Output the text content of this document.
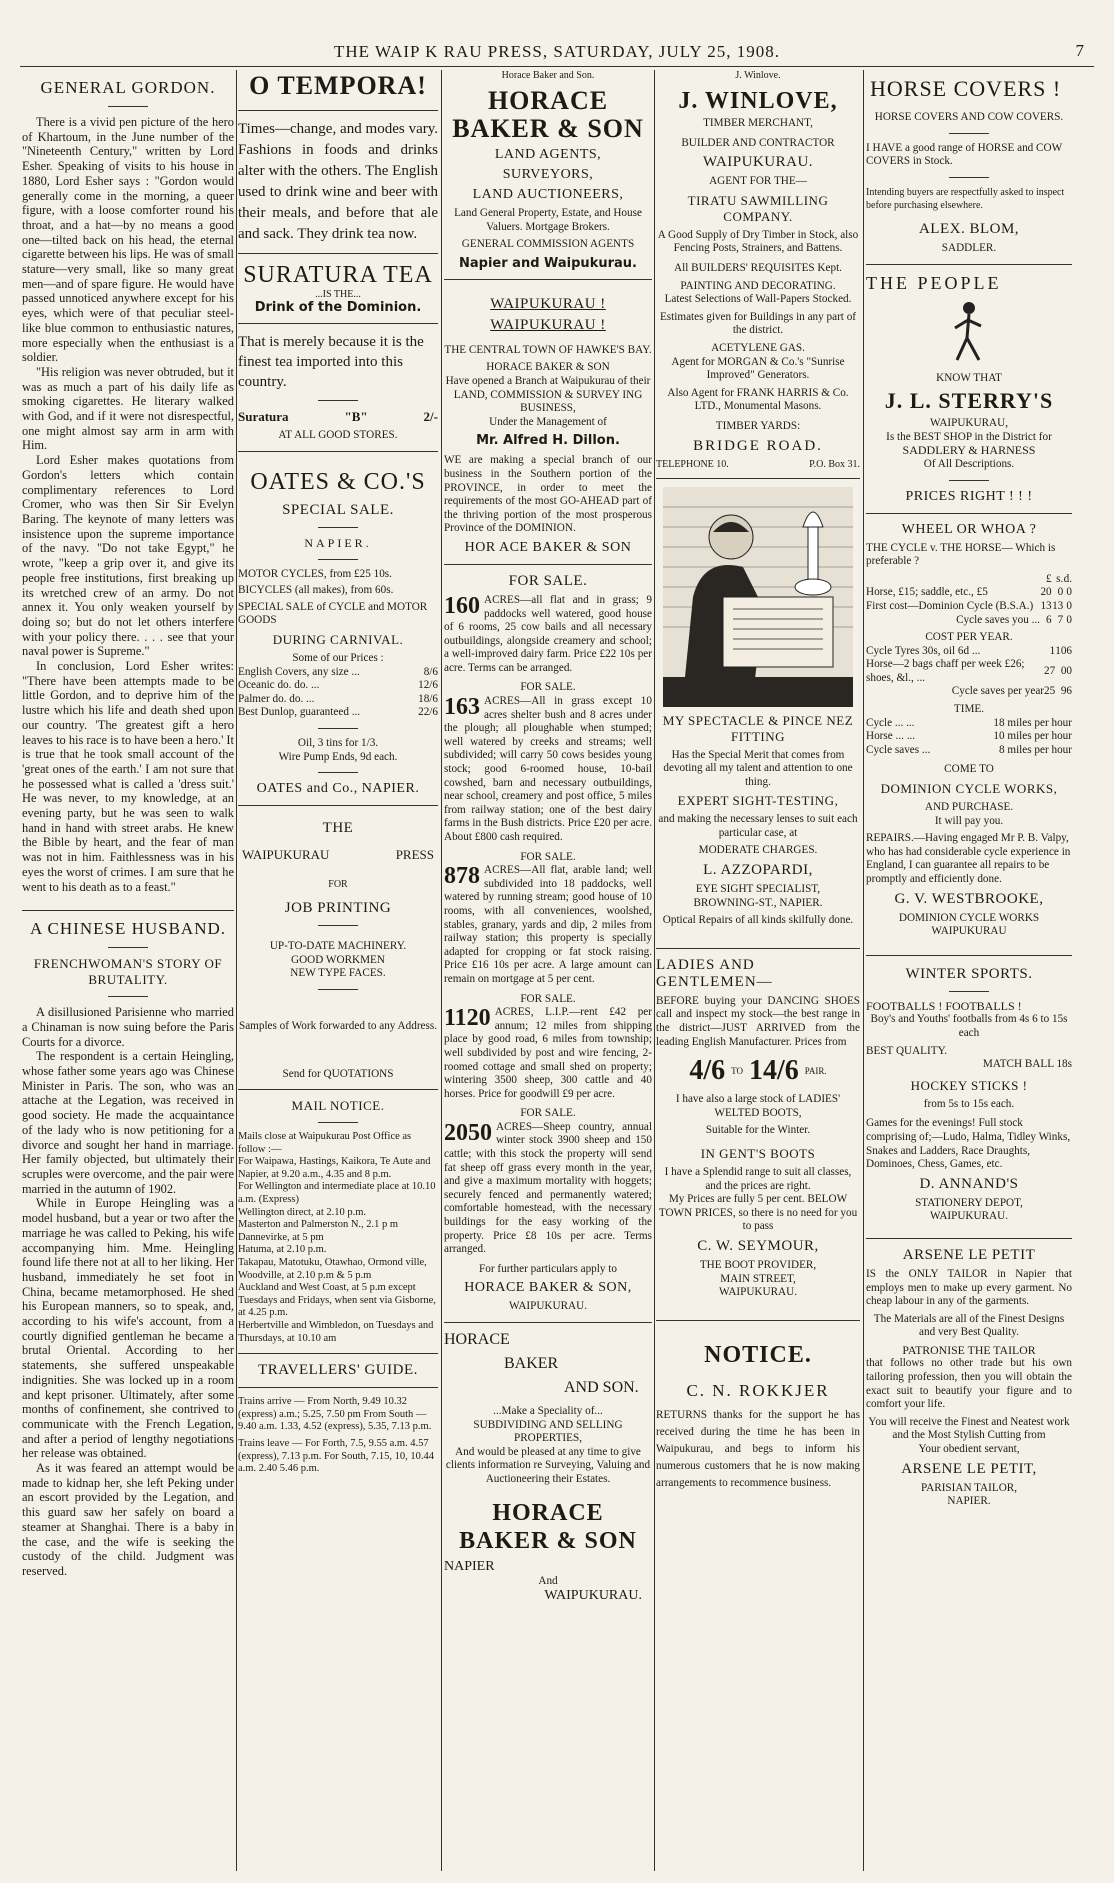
THE WAIP K RAU PRESS, SATURDAY, JULY 25, 1908.	7
GENERAL GORDON.

There is a vivid pen picture of the hero of Khartoum, in the June number of the "Nineteenth Century," written by Lord Esher. Speaking of visits to his house in 1880, Lord Esher says : "Gordon would generally come in the morning, a queer figure, with a loose comforter round his throat, and a hat—by no means a good one—tilted back on his head, the eternal cigarette between his lips. He was of small stature—very small, like so many great men—and of spare figure. He would have passed unnoticed anywhere except for his eyes, which were of that peculiar steel-like blue common to enthusiastic natures, more especially when the enthusiast is a soldier.

"His religion was never obtruded, but it was as much a part of his daily life as smoking cigarettes. He literary walked with God, and if it were not disrespectful, one might almost say arm in arm with Him.

Lord Esher makes quotations from Gordon's letters which contain complimentary references to Lord Cromer, who was then Sir Sir Evelyn Baring. The keynote of many letters was insistence upon the supreme importance of the navy. "Do not take Egypt," he wrote, "keep a grip over it, and give its people free institutions, first breaking up its wretched crew of an army. Do not annex it. You only weaken yourself by doing so; but do not let others interfere with your policy there. . . . see that your naval power is Supreme."

In conclusion, Lord Esher writes: "There have been attempts made to be little Gordon, and to deprive him of the lustre which his life and death shed upon our country. 'The greatest gift a hero leaves to his race is to have been a hero.' It is true that he took small account of the 'great ones of the earth.' I am not sure that he possessed what is called a 'dress suit.' He was never, to my knowledge, at an evening party, but he was seen to walk hand in hand with street arabs. He knew the Bible by heart, and the fear of man was not in him. Faithlessness was in his eyes the worst of crimes. I am sure that he went to his death as to a feast."

A CHINESE HUSBAND.
FRENCHWOMAN'S STORY OF BRUTALITY.

A disillusioned Parisienne who married a Chinaman is now suing before the Paris Courts for a divorce.

The respondent is a certain Heingling, whose father some years ago was Chinese Minister in Paris. The son, who was an attache at the Legation, was received in good society. He made the acquaintance of the lady who is now petitioning for a divorce and sought her hand in marriage. Her family objected, but ultimately their scruples were overcome, and the pair were married in the autumn of 1902.

While in Europe Heingling was a model husband, but a year or two after the marriage he was called to Peking, his wife accompanying him. Mme. Heingling found life there not at all to her liking. Her husband, immediately he set foot in China, became metamorphosed. He shed his European manners, so to speak, and, according to his wife's account, from a courtly dignified gentleman he became a brutal Oriental. According to her statements, she suffered unspeakable indignities. She was locked up in a room and kept prisoner. Ultimately, after some months of confinement, she contrived to communicate with the French Legation, and after a period of lengthy negotiations her release was obtained.

As it was feared an attempt would be made to kidnap her, she left Peking under an escort provided by the Legation, and this guard saw her safely on board a steamer at Shanghai. There is a baby in the case, and the wife is seeking the custody of the child. Judgment was reserved.

O TEMPORA!
Times—change, and modes vary. Fashions in foods and drinks alter with the others. The English used to drink wine and beer with their meals, and before that ale and sack. They drink tea now.
SURATURA TEA
...IS THE...
Drink of the Dominion.
That is merely because it is the finest tea imported into this country.
Suratura	"B"	2/-
AT ALL GOOD STORES.
OATES & CO.'S
SPECIAL SALE.
NAPIER.
MOTOR CYCLES, from £25 10s.
BICYCLES (all makes), from 60s.
SPECIAL SALE of CYCLE and MOTOR GOODS
DURING CARNIVAL.
Some of our Prices :
English Covers, any size ...	8/6
Oceanic do. do. ...	12/6
Palmer do. do. ...	18/6
Best Dunlop, guaranteed ...	22/6
Oil, 3 tins for 1/3.
Wire Pump Ends, 9d each.
OATES and Co., NAPIER.
THE
WAIPUKURAU	PRESS
FOR
JOB PRINTING
UP-TO-DATE MACHINERY.
GOOD WORKMEN
NEW TYPE FACES.
Samples of Work forwarded to any Address.
Send for QUOTATIONS
MAIL NOTICE.
Mails close at Waipukurau Post Office as follow :—
For Waipawa, Hastings, Kaikora, Te Aute and Napier, at 9.20 a.m., 4.35 and 8 p.m.
For Wellington and intermediate place at 10.10 a.m. (Express)
Wellington direct, at 2.10 p.m.
Masterton and Palmerston N., 2.1 p m
Dannevirke, at 5 pm
Hatuma, at 2.10 p.m.
Takapau, Matotuku, Otawhao, Ormond ville, Woodville, at 2.10 p.m & 5 p.m
Auckland and West Coast, at 5 p.m except Tuesdays and Fridays, when sent via Gisborne, at 4.25 p.m.
Herbertville and Wimbledon, on Tuesdays and Thursdays, at 10.10 am
TRAVELLERS' GUIDE.
Trains arrive — From North, 9.49 10.32 (express) a.m.; 5.25, 7.50 pm From South — 9.40 a.m. 1.33, 4.52 (express), 5.35, 7.13 p.m.
Trains leave — For Forth, 7.5, 9.55 a.m. 4.57 (express), 7.13 p.m. For South, 7.15, 10, 10.44 a.m. 2.40 5.46 p.m.
Horace Baker and Son.
HORACE BAKER & SON
LAND AGENTS,
SURVEYORS,
LAND AUCTIONEERS,
Land General Property, Estate, and House Valuers. Mortgage Brokers.
GENERAL COMMISSION AGENTS
Napier and Waipukurau.
WAIPUKURAU !
WAIPUKURAU !
THE CENTRAL TOWN OF HAWKE'S BAY.
HORACE BAKER & SON
Have opened a Branch at Waipukurau of their
LAND, COMMISSION & SURVEY ING BUSINESS,
Under the Management of
Mr. Alfred H. Dillon.
WE are making a special branch of our business in the Southern portion of the PROVINCE, in order to meet the requirements of the most GO-AHEAD part of the thriving portion of the most prosperous Province of the DOMINION.
HOR ACE BAKER & SON
FOR SALE.
160 ACRES—all flat and in grass; 9 paddocks well watered, good house of 6 rooms, 25 cow bails and all necessary outbuildings, alongside creamery and school; a well-improved dairy farm. Price £22 10s per acre. Terms can be arranged.
FOR SALE.
163 ACRES—All in grass except 10 acres shelter bush and 8 acres under the plough; all ploughable when stumped; well watered by creeks and streams; well subdivided; will carry 50 cows besides young stock; good 6-roomed house, 10-bail cowshed, barn and necessary outbuildings, near school, creamery and post office, 5 miles from railway station; one of the best dairy farms in the Bush districts. Price £20 per acre. About £800 cash required.
FOR SALE.
878 ACRES—All flat, arable land; well subdivided into 18 paddocks, well watered by running stream; good house of 10 rooms, with all conveniences, woolshed, stables, granary, yards and dip, 2 miles from railway station; this property is specially adapted for cropping or fat stock raising. Price £16 10s per acre. A large amount can remain on mortgage at 5 per cent.
FOR SALE.
1120 ACRES, L.I.P.—rent £42 per annum; 12 miles from shipping place by good road, 6 miles from township; well subdivided by post and wire fencing, 2-roomed cottage and small shed on property; wintering 3500 sheep, 300 cattle and 40 horses. Price for goodwill £9 per acre.
FOR SALE.
2050 ACRES—Sheep country, annual winter stock 3900 sheep and 150 cattle; with this stock the property will send fat sheep off grass every month in the year, and give a maximum mortality with hoggets; securely fenced and permanently watered; comfortable homestead, with the necessary buildings for the easy working of the property. Price £8 10s per acre. Terms arranged.
For further particulars apply to
HORACE BAKER & SON,
WAIPUKURAU.
HORACE
BAKER
AND SON.
...Make a Speciality of...
SUBDIVIDING AND SELLING PROPERTIES,
And would be pleased at any time to give clients information re Surveying, Valuing and Auctioneering their Estates.
HORACE BAKER & SON
NAPIER
And
WAIPUKURAU.
J. Winlove.
J. WINLOVE,
TIMBER MERCHANT,
BUILDER AND CONTRACTOR
WAIPUKURAU.
AGENT FOR THE—
TIRATU SAWMILLING COMPANY.
A Good Supply of Dry Timber in Stock, also Fencing Posts, Strainers, and Battens.
All BUILDERS' REQUISITES Kept.
PAINTING AND DECORATING.
Latest Selections of Wall-Papers Stocked.
Estimates given for Buildings in any part of the district.
ACETYLENE GAS.
Agent for MORGAN & Co.'s "Sunrise Improved" Generators.
Also Agent for FRANK HARRIS & Co. LTD., Monumental Masons.
TIMBER YARDS:
BRIDGE ROAD.
TELEPHONE 10.	P.O. Box 31.
MY SPECTACLE & PINCE NEZ FITTING
Has the Special Merit that comes from devoting all my talent and attention to one thing.
EXPERT SIGHT-TESTING,
and making the necessary lenses to suit each particular case, at
MODERATE CHARGES.
L. AZZOPARDI,
EYE SIGHT SPECIALIST,
BROWNING-ST., NAPIER.
Optical Repairs of all kinds skilfully done.
LADIES AND GENTLEMEN—
BEFORE buying your DANCING SHOES call and inspect my stock—the best range in the district—JUST ARRIVED from the leading English Manufacturer. Prices from
4/6 TO 14/6 PAIR.
I have also a large stock of LADIES' WELTED BOOTS,
Suitable for the Winter.
IN GENT'S BOOTS
I have a Splendid range to suit all classes, and the prices are right.
My Prices are fully 5 per cent. BELOW TOWN PRICES, so there is no need for you to pass
C. W. SEYMOUR,
THE BOOT PROVIDER,
MAIN STREET,
WAIPUKURAU.
NOTICE.
C. N. ROKKJER
RETURNS thanks for the support he has received during the time he has been in Waipukurau, and begs to inform his numerous customers that he is now making arrangements to recommence business.
HORSE COVERS !
HORSE COVERS AND COW COVERS.
I HAVE a good range of HORSE and COW COVERS in Stock.
Intending buyers are respectfully asked to inspect before purchasing elsewhere.
ALEX. BLOM,
SADDLER.
THE PEOPLE
KNOW THAT
J. L. STERRY'S
WAIPUKURAU,
Is the BEST SHOP in the District for
SADDLERY & HARNESS
Of All Descriptions.
PRICES RIGHT ! ! !
WHEEL OR WHOA ?
THE CYCLE v. THE HORSE— Which is preferable ?
	£	s.	d.
Horse, £15; saddle, etc., £5	20	0	0
First cost—Dominion Cycle (B.S.A.)	13	13	0
Cycle saves you ...	6	7	0
COST PER YEAR.
Cycle Tyres 30s, oil 6d ...	1	10	6
Horse—2 bags chaff per week £26; shoes, &l., ...	27	0	0
Cycle saves per year	25	9	6
TIME.
Cycle ... ...	18 miles per hour
Horse ... ...	10 miles per hour
Cycle saves ...	8 miles per hour
COME TO
DOMINION CYCLE WORKS,
AND PURCHASE.
It will pay you.
REPAIRS.—Having engaged Mr P. B. Valpy, who has had considerable cycle experience in England, I can guarantee all repairs to be promptly and efficiently done.
G. V. WESTBROOKE,
DOMINION CYCLE WORKS
WAIPUKURAU
WINTER SPORTS.
FOOTBALLS ! FOOTBALLS !
Boy's and Youths' footballs from 4s 6 to 15s each
BEST QUALITY.
MATCH BALL 18s
HOCKEY STICKS !
from 5s to 15s each.
Games for the evenings! Full stock comprising of;—Ludo, Halma, Tidley Winks, Snakes and Ladders, Race Draughts, Dominoes, Chess, Games, etc.
D. ANNAND'S
STATIONERY DEPOT,
WAIPUKURAU.
ARSENE LE PETIT
IS the ONLY TAILOR in Napier that employs men to make up every garment. No cheap labour in any of the garments.
The Materials are all of the Finest Designs and very Best Quality.
PATRONISE THE TAILOR
that follows no other trade but his own tailoring profession, then you will obtain the exact suit to beautify your figure and to comfort your life.
You will receive the Finest and Neatest work and the Most Stylish Cutting from
Your obedient servant,
ARSENE LE PETIT,
PARISIAN TAILOR,
NAPIER.
